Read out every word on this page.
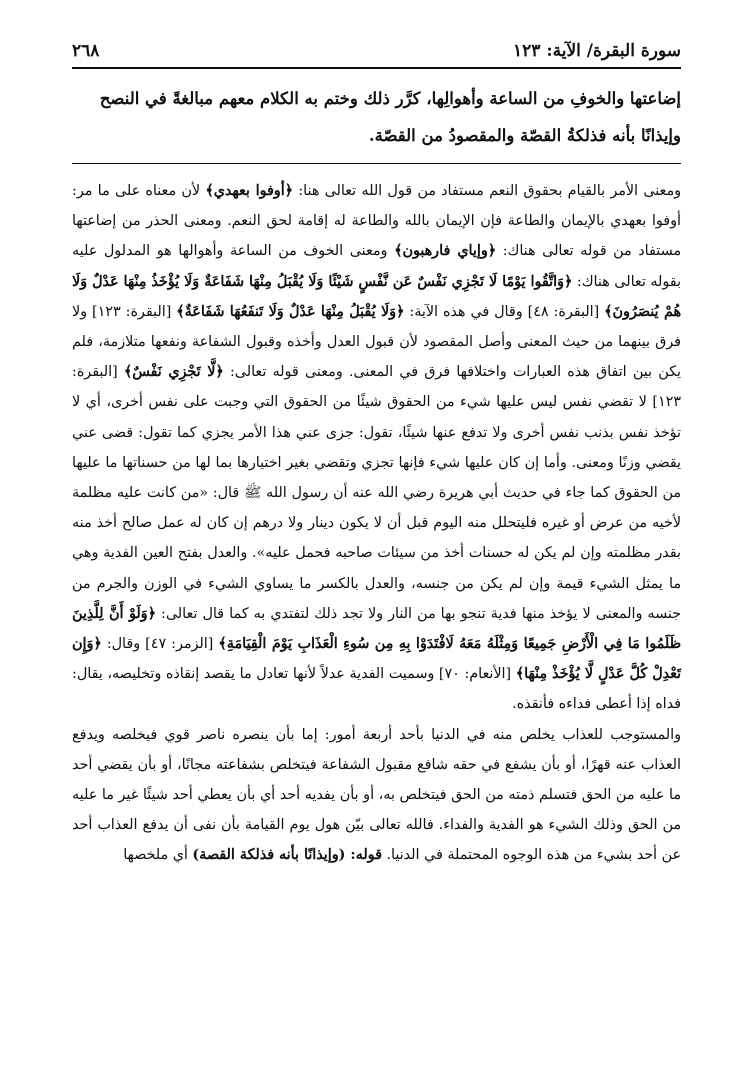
سورة البقرة/ الآية: ١٢٣
٢٦٨

إضاعتها والخوفِ من الساعة وأهوالِها، كرَّر ذلك وختم به الكلام معهم مبالغةً في النصح

وإيذانًا بأنه فذلكةُ القصّة والمقصودُ من القصّة.

ومعنى الأمر بالقيام بحقوق النعم مستفاد من قول الله تعالى هنا: ﴿أوفوا بعهدي﴾ لأن معناه على ما مر: أوفوا بعهدي بالإيمان والطاعة فإن الإيمان بالله والطاعة له إقامة لحق النعم. ومعنى الحذر من إضاعتها مستفاد من قوله تعالى هناك: ﴿وإياي فارهبون﴾ ومعنى الخوف من الساعة وأهوالها هو المدلول عليه بقوله تعالى هناك: ﴿وَاتَّقُوا يَوْمًا لَا تَجْزِي نَفْسٌ عَن نَّفْسٍ شَيْئًا وَلَا يُقْبَلُ مِنْهَا شَفَاعَةٌ وَلَا يُؤْخَذُ مِنْهَا عَدْلٌ وَلَا هُمْ يُنصَرُونَ﴾ [البقرة: ٤٨] وقال في هذه الآية: ﴿وَلَا يُقْبَلُ مِنْهَا عَدْلٌ وَلَا تَنفَعُهَا شَفَاعَةٌ﴾ [البقرة: ١٢٣] ولا فرق بينهما من حيث المعنى وأصل المقصود لأن قبول العدل وأخذه وقبول الشفاعة ونفعها متلازمة، فلم يكن بين اتفاق هذه العبارات واختلافها فرق في المعنى. ومعنى قوله تعالى: ﴿لَّا تَجْزِي نَفْسٌ﴾ [البقرة: ١٢٣] لا تقضي نفس ليس عليها شيء من الحقوق شيئًا من الحقوق التي وجبت على نفس أخرى، أي لا تؤخذ نفس بذنب نفس أخرى ولا تدفع عنها شيئًا، تقول: جزى عني هذا الأمر يجزي كما تقول: قضى عني يقضي وزنًا ومعنى. وأما إن كان عليها شيء فإنها تجزي وتقضي بغير اختيارها بما لها من حسناتها ما عليها من الحقوق كما جاء في حديث أبي هريرة رضي الله عنه أن رسول الله ﷺ قال: «من كانت عليه مظلمة لأخيه من عرض أو غيره فليتحلل منه اليوم قبل أن لا يكون دينار ولا درهم إن كان له عمل صالح أخذ منه بقدر مظلمته وإن لم يكن له حسنات أخذ من سيئات صاحبه فحمل عليه». والعدل بفتح العين الفدية وهي ما يمثل الشيء قيمة وإن لم يكن من جنسه، والعدل بالكسر ما يساوي الشيء في الوزن والجرم من جنسه والمعنى لا يؤخذ منها فدية تنجو بها من النار ولا تجد ذلك لتفتدي به كما قال تعالى: ﴿وَلَوْ أَنَّ لِلَّذِينَ ظَلَمُوا مَا فِي الْأَرْضِ جَمِيعًا وَمِثْلَهُ مَعَهُ لَافْتَدَوْا بِهِ مِن سُوءِ الْعَذَابِ يَوْمَ الْقِيَامَةِ﴾ [الزمر: ٤٧] وقال: ﴿وَإِن تَعْدِلْ كُلَّ عَدْلٍ لَّا يُؤْخَذْ مِنْهَا﴾ [الأنعام: ٧٠] وسميت الفدية عدلاً لأنها تعادل ما يقصد إنقاذه وتخليصه، يقال: فداه إذا أعطى فداءه فأنقذه.

والمستوجب للعذاب يخلص منه في الدنيا بأحد أربعة أمور: إما بأن ينصره ناصر قوي فيخلصه ويدفع العذاب عنه قهرًا، أو بأن يشفع في حقه شافع مقبول الشفاعة فيتخلص بشفاعته مجانًا، أو بأن يقضي أحد ما عليه من الحق فتسلم ذمته من الحق فيتخلص به، أو بأن يفديه أحد أي بأن يعطي أحد شيئًا غير ما عليه من الحق وذلك الشيء هو الفدية والفداء. فالله تعالى بيّن هول يوم القيامة بأن نفى أن يدفع العذاب أحد عن أحد بشيء من هذه الوجوه المحتملة في الدنيا. قوله: (وإيذانًا بأنه فذلكة القصة) أي ملخصها
